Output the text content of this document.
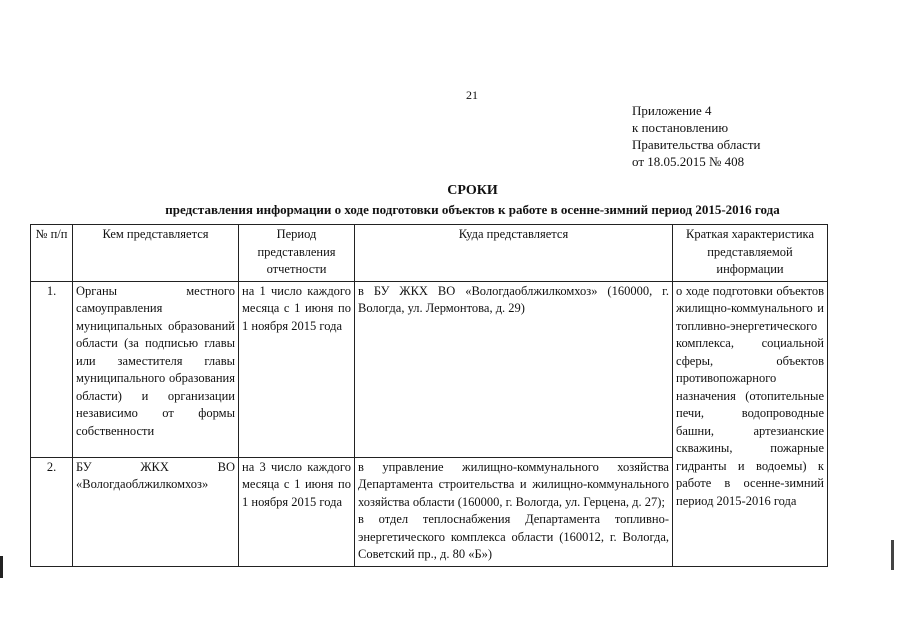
21
Приложение 4
к постановлению
Правительства области
от 18.05.2015 № 408
СРОКИ
представления информации о ходе подготовки объектов к работе в осенне-зимний период 2015-2016 года
№ п/п	Кем представляется	Период представления отчетности	Куда представляется	Краткая характеристика представляемой информации
1.	Органы местного самоуправления муниципальных образований области (за подписью главы или заместителя главы муниципального образования области) и организации независимо от формы собственности	на 1 число каждого месяца с 1 июня по 1 ноября 2015 года	в БУ ЖКХ ВО «Вологдаоблжилкомхоз» (160000, г. Вологда, ул. Лермонтова, д. 29)	о ходе подготовки объектов жилищно-коммунального и топливно-энергетического комплекса, социальной сферы, объектов противопожарного назначения (отопительные печи, водопроводные башни, артезианские скважины, пожарные гидранты и водоемы) к работе в осенне-зимний период 2015-2016 года
2.	БУ ЖКХ ВО «Вологдаоблжилкомхоз»	на 3 число каждого месяца с 1 июня по 1 ноября 2015 года	в управление жилищно-коммунального хозяйства Департамента строительства и жилищно-коммунального хозяйства области (160000, г. Вологда, ул. Герцена, д. 27);
в отдел теплоснабжения Департамента топливно-энергетического комплекса области (160012, г. Вологда, Советский пр., д. 80 «Б»)	
